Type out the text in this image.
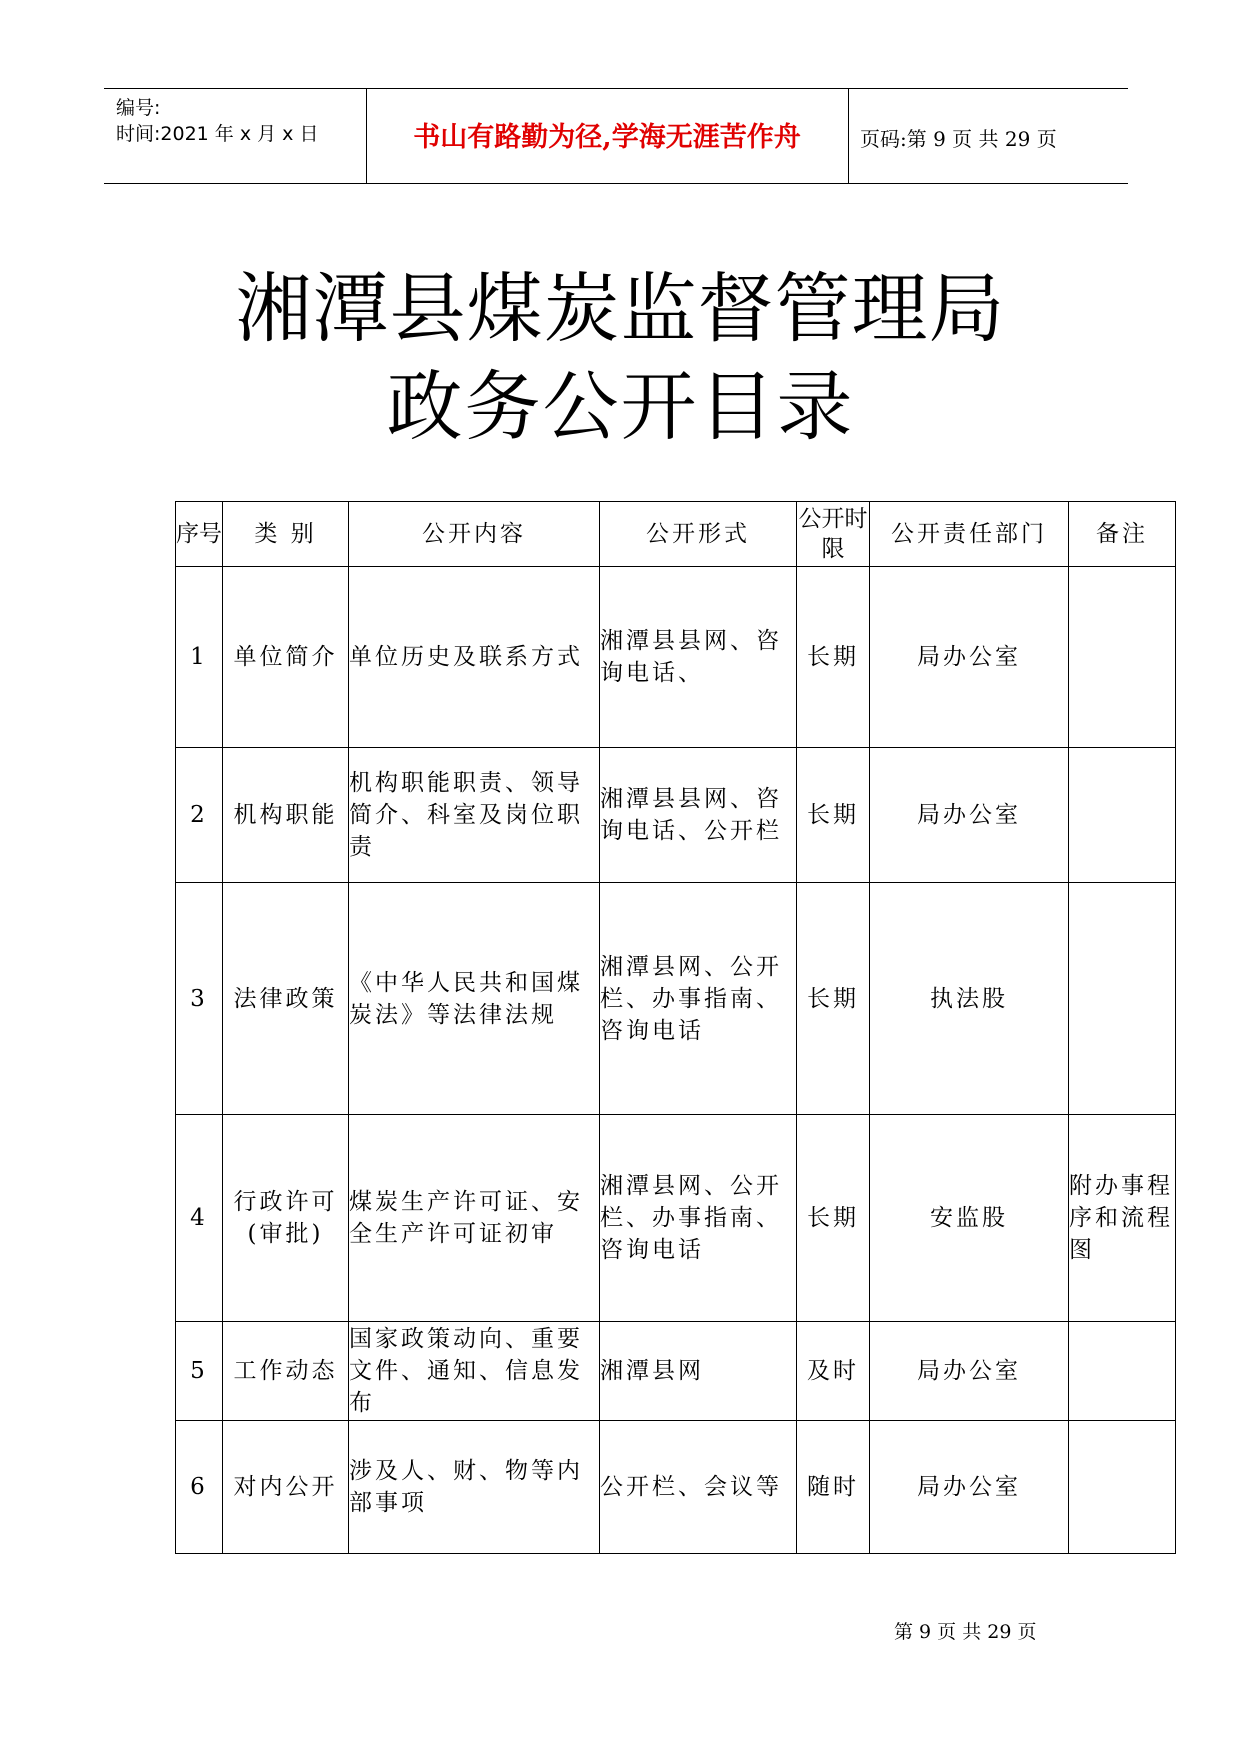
编号:
时间:2021 年 x 月 x 日	书山有路勤为径,学海无涯苦作舟	页码:第 9 页 共 29 页
湘潭县煤炭监督管理局
政务公开目录
序号	类 别	公开内容	公开形式	公开时限	公开责任部门	备注
1	单位简介	单位历史及联系方式	湘潭县县网、咨询电话、	长期	局办公室	
2	机构职能	机构职能职责、领导简介、科室及岗位职责	湘潭县县网、咨询电话、公开栏	长期	局办公室	
3	法律政策	《中华人民共和国煤炭法》等法律法规	湘潭县网、公开栏、办事指南、咨询电话	长期	执法股	
4	行政许可(审批)	煤炭生产许可证、安全生产许可证初审	湘潭县网、公开栏、办事指南、咨询电话	长期	安监股	附办事程序和流程图
5	工作动态	国家政策动向、重要文件、通知、信息发布	湘潭县网	及时	局办公室	
6	对内公开	涉及人、财、物等内部事项	公开栏、会议等	随时	局办公室	
第 9 页 共 29 页
